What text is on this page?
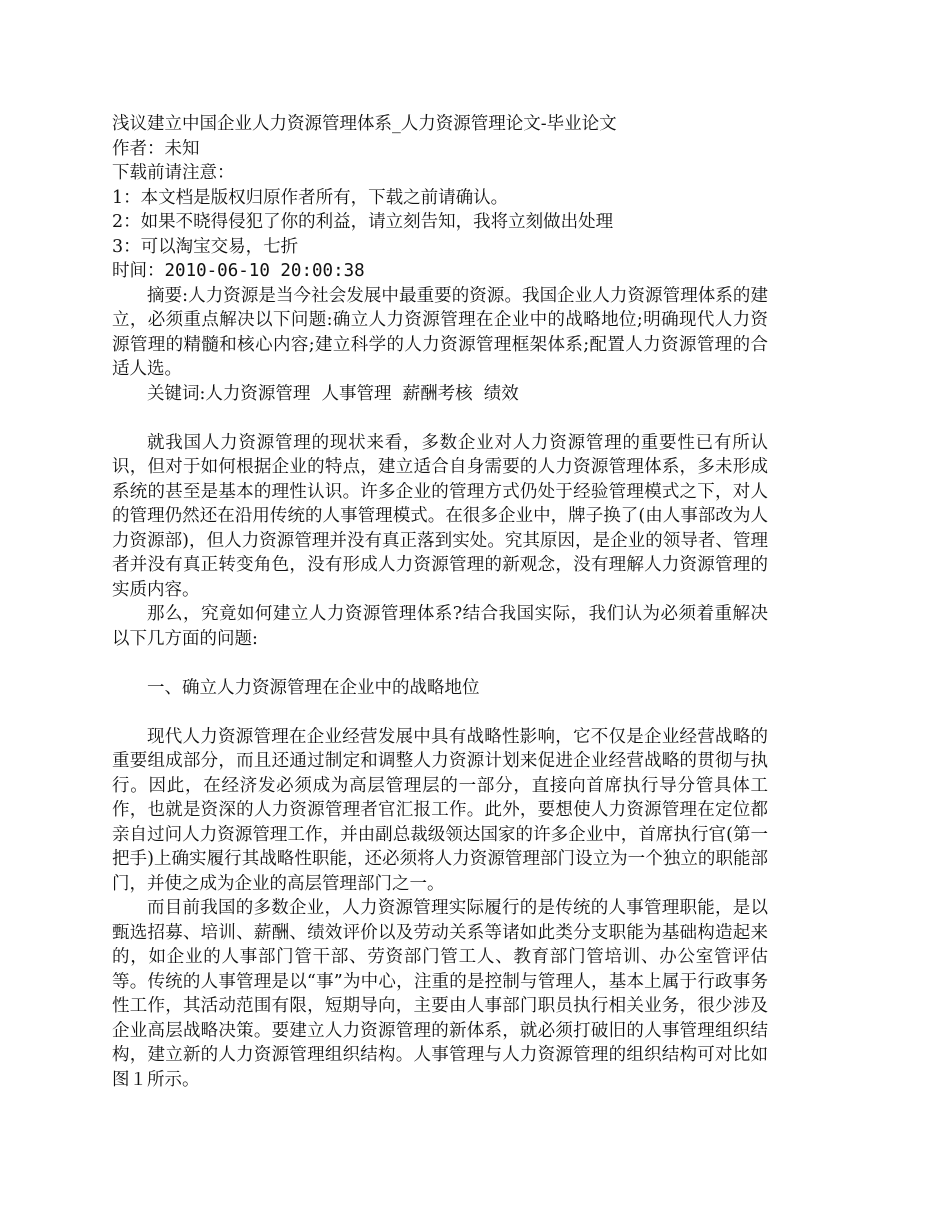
浅议建立中国企业人力资源管理体系_人力资源管理论文-毕业论文
作者：未知
下载前请注意：
1：本文档是版权归原作者所有，下载之前请确认。
2：如果不晓得侵犯了你的利益，请立刻告知，我将立刻做出处理
3：可以淘宝交易，七折
时间：2010-06-10 20:00:38

摘要:人力资源是当今社会发展中最重要的资源。我国企业人力资源管理体系的建立，必须重点解决以下问题:确立人力资源管理在企业中的战略地位;明确现代人力资源管理的精髓和核心内容;建立科学的人力资源管理框架体系;配置人力资源管理的合适人选。

关键词:人力资源管理  人事管理  薪酬考核  绩效

就我国人力资源管理的现状来看，多数企业对人力资源管理的重要性已有所认识，但对于如何根据企业的特点，建立适合自身需要的人力资源管理体系，多未形成系统的甚至是基本的理性认识。许多企业的管理方式仍处于经验管理模式之下，对人的管理仍然还在沿用传统的人事管理模式。在很多企业中，牌子换了(由人事部改为人力资源部)，但人力资源管理并没有真正落到实处。究其原因，是企业的领导者、管理者并没有真正转变角色，没有形成人力资源管理的新观念，没有理解人力资源管理的实质内容。

那么，究竟如何建立人力资源管理体系?结合我国实际，我们认为必须着重解决以下几方面的问题:

一、确立人力资源管理在企业中的战略地位

现代人力资源管理在企业经营发展中具有战略性影响，它不仅是企业经营战略的重要组成部分，而且还通过制定和调整人力资源计划来促进企业经营战略的贯彻与执行。因此，在经济发必须成为高层管理层的一部分，直接向首席执行导分管具体工作，也就是资深的人力资源管理者官汇报工作。此外，要想使人力资源管理在定位都亲自过问人力资源管理工作，并由副总裁级领达国家的许多企业中，首席执行官(第一把手)上确实履行其战略性职能，还必须将人力资源管理部门设立为一个独立的职能部门，并使之成为企业的高层管理部门之一。

而目前我国的多数企业，人力资源管理实际履行的是传统的人事管理职能，是以甄选招募、培训、薪酬、绩效评价以及劳动关系等诸如此类分支职能为基础构造起来的，如企业的人事部门管干部、劳资部门管工人、教育部门管培训、办公室管评估等。传统的人事管理是以“事”为中心，注重的是控制与管理人，基本上属于行政事务性工作，其活动范围有限，短期导向，主要由人事部门职员执行相关业务，很少涉及企业高层战略决策。要建立人力资源管理的新体系，就必须打破旧的人事管理组织结构，建立新的人力资源管理组织结构。人事管理与人力资源管理的组织结构可对比如图１所示。
